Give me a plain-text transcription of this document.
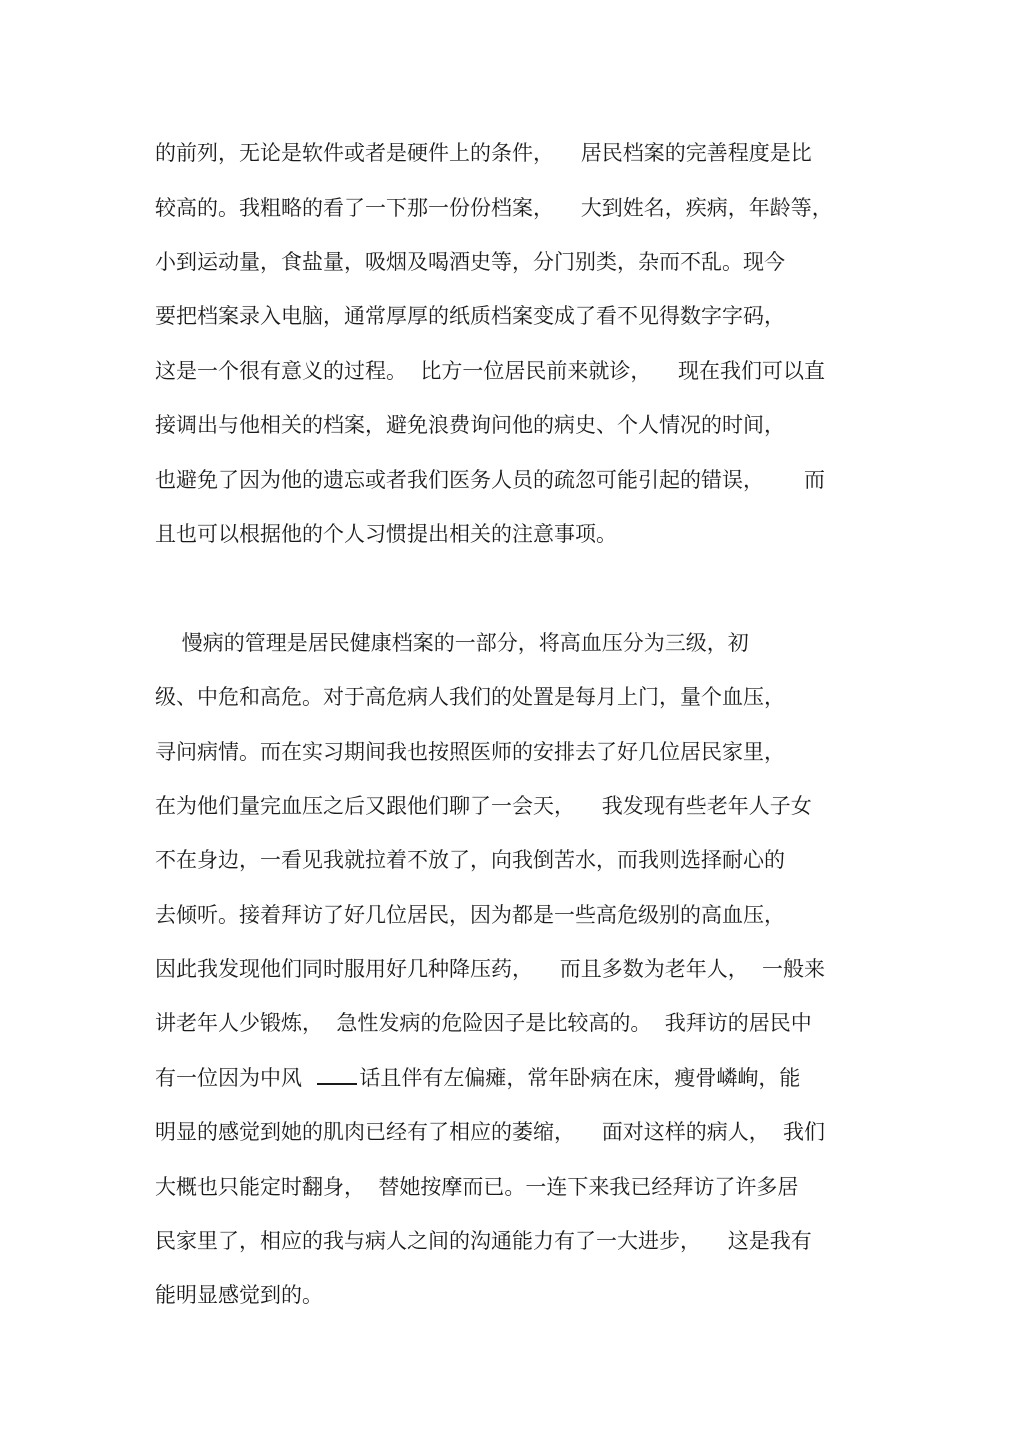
的前列，无论是软件或者是硬件上的条件，    居民档案的完善程度是比
较高的。我粗略的看了一下那一份份档案，    大到姓名，疾病，年龄等，
小到运动量，食盐量，吸烟及喝酒史等，分门别类，杂而不乱。现今
要把档案录入电脑，通常厚厚的纸质档案变成了看不见得数字字码，
这是一个很有意义的过程。  比方一位居民前来就诊，    现在我们可以直
接调出与他相关的档案，避免浪费询问他的病史、个人情况的时间，
也避免了因为他的遗忘或者我们医务人员的疏忽可能引起的错误，      而
且也可以根据他的个人习惯提出相关的注意事项。
慢病的管理是居民健康档案的一部分，将高血压分为三级，初
级、中危和高危。对于高危病人我们的处置是每月上门，量个血压，
寻问病情。而在实习期间我也按照医师的安排去了好几位居民家里，
在为他们量完血压之后又跟他们聊了一会天，    我发现有些老年人子女
不在身边，一看见我就拉着不放了，向我倒苦水，而我则选择耐心的
去倾听。接着拜访了好几位居民，因为都是一些高危级别的高血压，
因此我发现他们同时服用好几种降压药，    而且多数为老年人，  一般来
讲老年人少锻炼，  急性发病的危险因子是比较高的。  我拜访的居民中
有一位因为中风  话且伴有左偏瘫，常年卧病在床，瘦骨嶙峋，能
明显的感觉到她的肌肉已经有了相应的萎缩，    面对这样的病人，  我们
大概也只能定时翻身，  替她按摩而已。一连下来我已经拜访了许多居
民家里了，相应的我与病人之间的沟通能力有了一大进步，    这是我有
能明显感觉到的。
